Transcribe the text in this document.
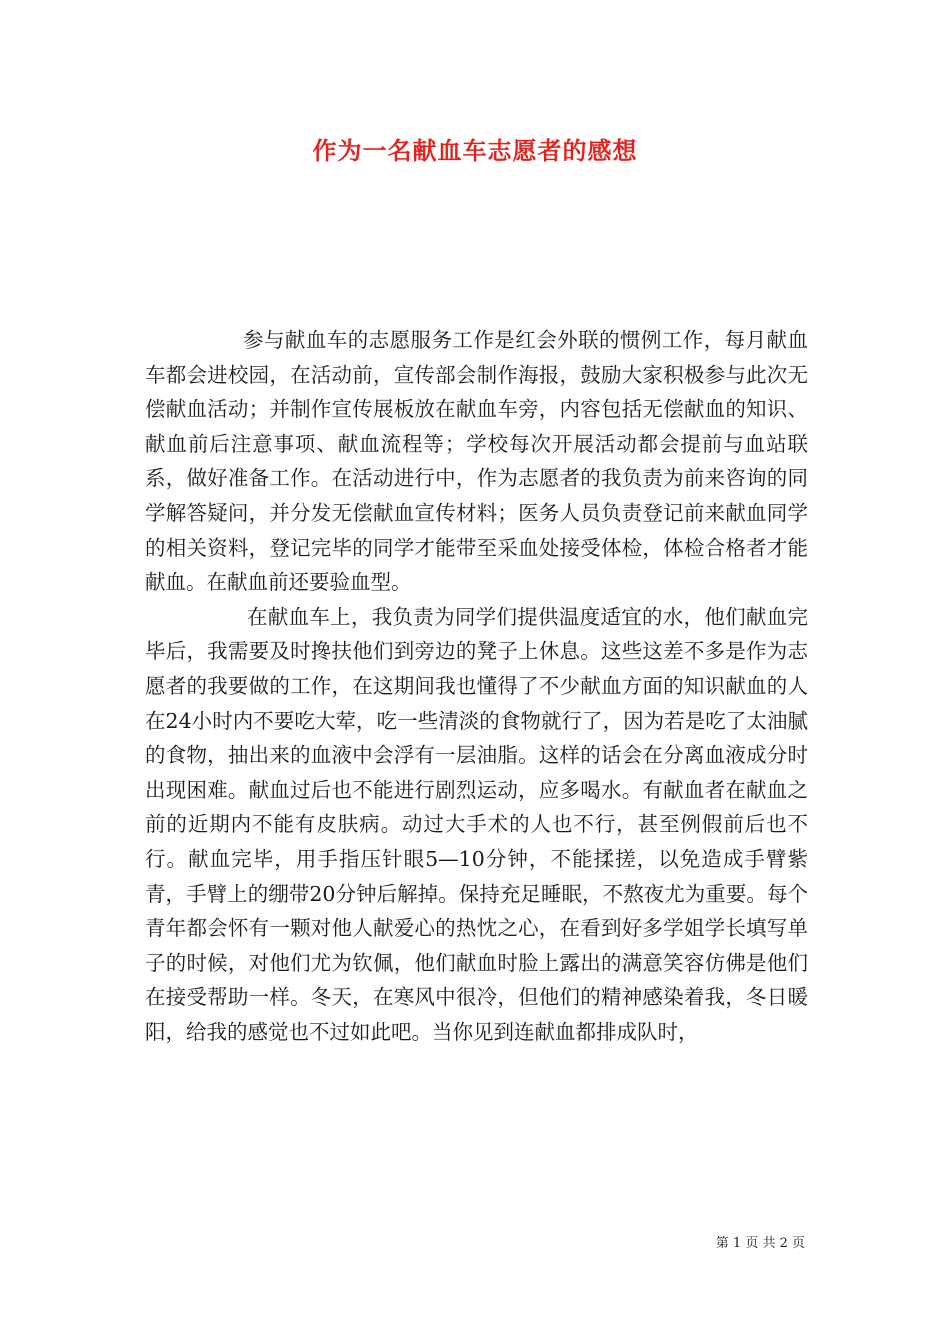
作为一名献血车志愿者的感想

参与献血车的志愿服务工作是红会外联的惯例工作，每月献血车都会进校园，在活动前，宣传部会制作海报，鼓励大家积极参与此次无偿献血活动；并制作宣传展板放在献血车旁，内容包括无偿献血的知识、献血前后注意事项、献血流程等；学校每次开展活动都会提前与血站联系，做好准备工作。在活动进行中，作为志愿者的我负责为前来咨询的同学解答疑问，并分发无偿献血宣传材料；医务人员负责登记前来献血同学的相关资料，登记完毕的同学才能带至采血处接受体检，体检合格者才能献血。在献血前还要验血型。

在献血车上，我负责为同学们提供温度适宜的水，他们献血完毕后，我需要及时搀扶他们到旁边的凳子上休息。这些这差不多是作为志愿者的我要做的工作，在这期间我也懂得了不少献血方面的知识献血的人在24小时内不要吃大荤，吃一些清淡的食物就行了，因为若是吃了太油腻的食物，抽出来的血液中会浮有一层油脂。这样的话会在分离血液成分时出现困难。献血过后也不能进行剧烈运动，应多喝水。有献血者在献血之前的近期内不能有皮肤病。动过大手术的人也不行，甚至例假前后也不行。献血完毕，用手指压针眼5—10分钟，不能揉搓，以免造成手臂紫青，手臂上的绷带20分钟后解掉。保持充足睡眠，不熬夜尤为重要。每个青年都会怀有一颗对他人献爱心的热忱之心，在看到好多学姐学长填写单子的时候，对他们尤为钦佩，他们献血时脸上露出的满意笑容仿佛是他们在接受帮助一样。冬天，在寒风中很冷，但他们的精神感染着我，冬日暖阳，给我的感觉也不过如此吧。当你见到连献血都排成队时，

第 1 页 共 2 页
